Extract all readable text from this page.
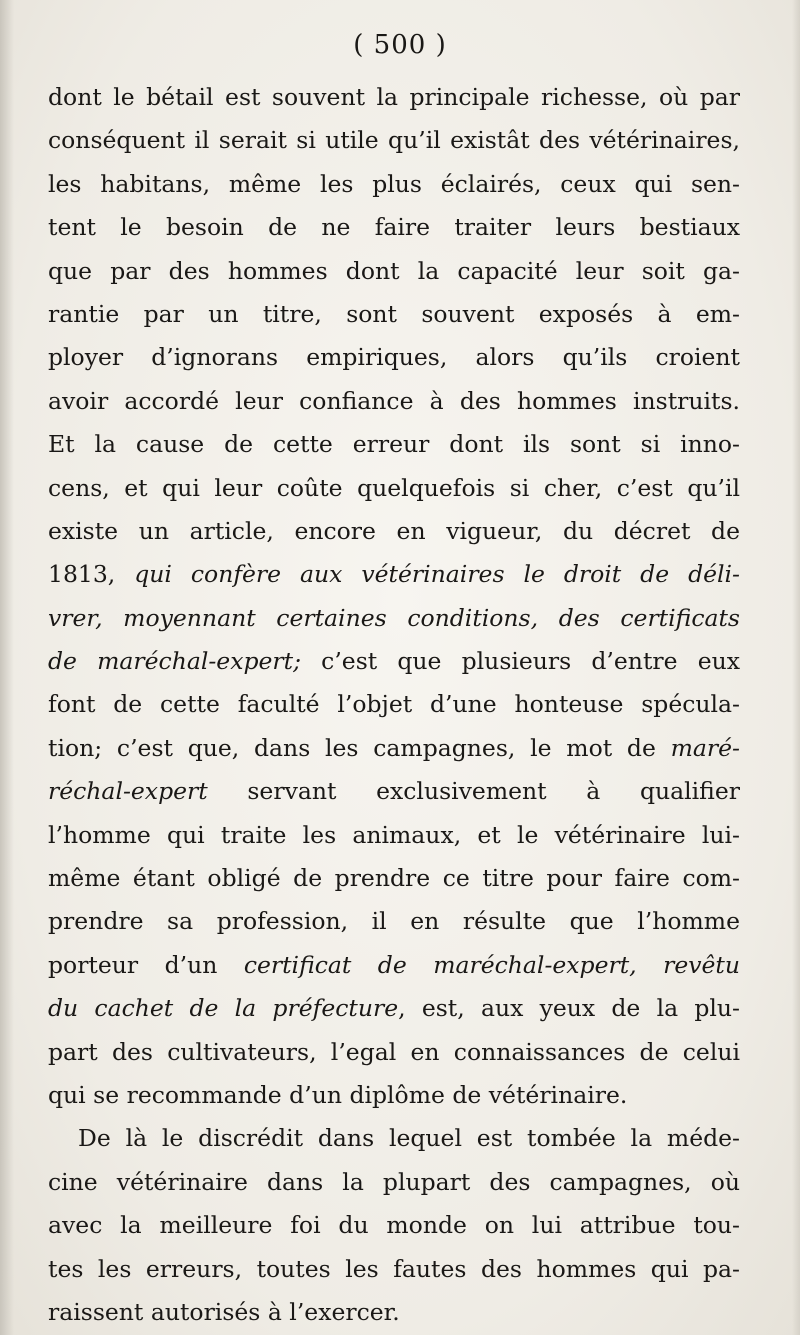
( 500 )
dont le bétail est souvent la principale richesse, où par
conséquent il serait si utile qu’il existât des vétérinaires,
les habitans, même les plus éclairés, ceux qui sen-
tent le besoin de ne faire traiter leurs bestiaux
que par des hommes dont la capacité leur soit ga-
rantie par un titre, sont souvent exposés à em-
ployer d’ignorans empiriques, alors qu’ils croient
avoir accordé leur confiance à des hommes instruits.
Et la cause de cette erreur dont ils sont si inno-
cens, et qui leur coûte quelquefois si cher, c’est qu’il
existe un article, encore en vigueur, du décret de
1813, qui confère aux vétérinaires le droit de déli-
vrer, moyennant certaines conditions, des certificats
de maréchal-expert; c’est que plusieurs d’entre eux
font de cette faculté l’objet d’une honteuse spécula-
tion; c’est que, dans les campagnes, le mot de maré-
réchal-expert servant exclusivement à qualifier
l’homme qui traite les animaux, et le vétérinaire lui-
même étant obligé de prendre ce titre pour faire com-
prendre sa profession, il en résulte que l’homme
porteur d’un certificat de maréchal-expert, revêtu
du cachet de la préfecture, est, aux yeux de la plu-
part des cultivateurs, l’egal en connaissances de celui
qui se recommande d’un diplôme de vétérinaire.
De là le discrédit dans lequel est tombée la méde-
cine vétérinaire dans la plupart des campagnes, où
avec la meilleure foi du monde on lui attribue tou-
tes les erreurs, toutes les fautes des hommes qui pa-
raissent autorisés à l’exercer.
